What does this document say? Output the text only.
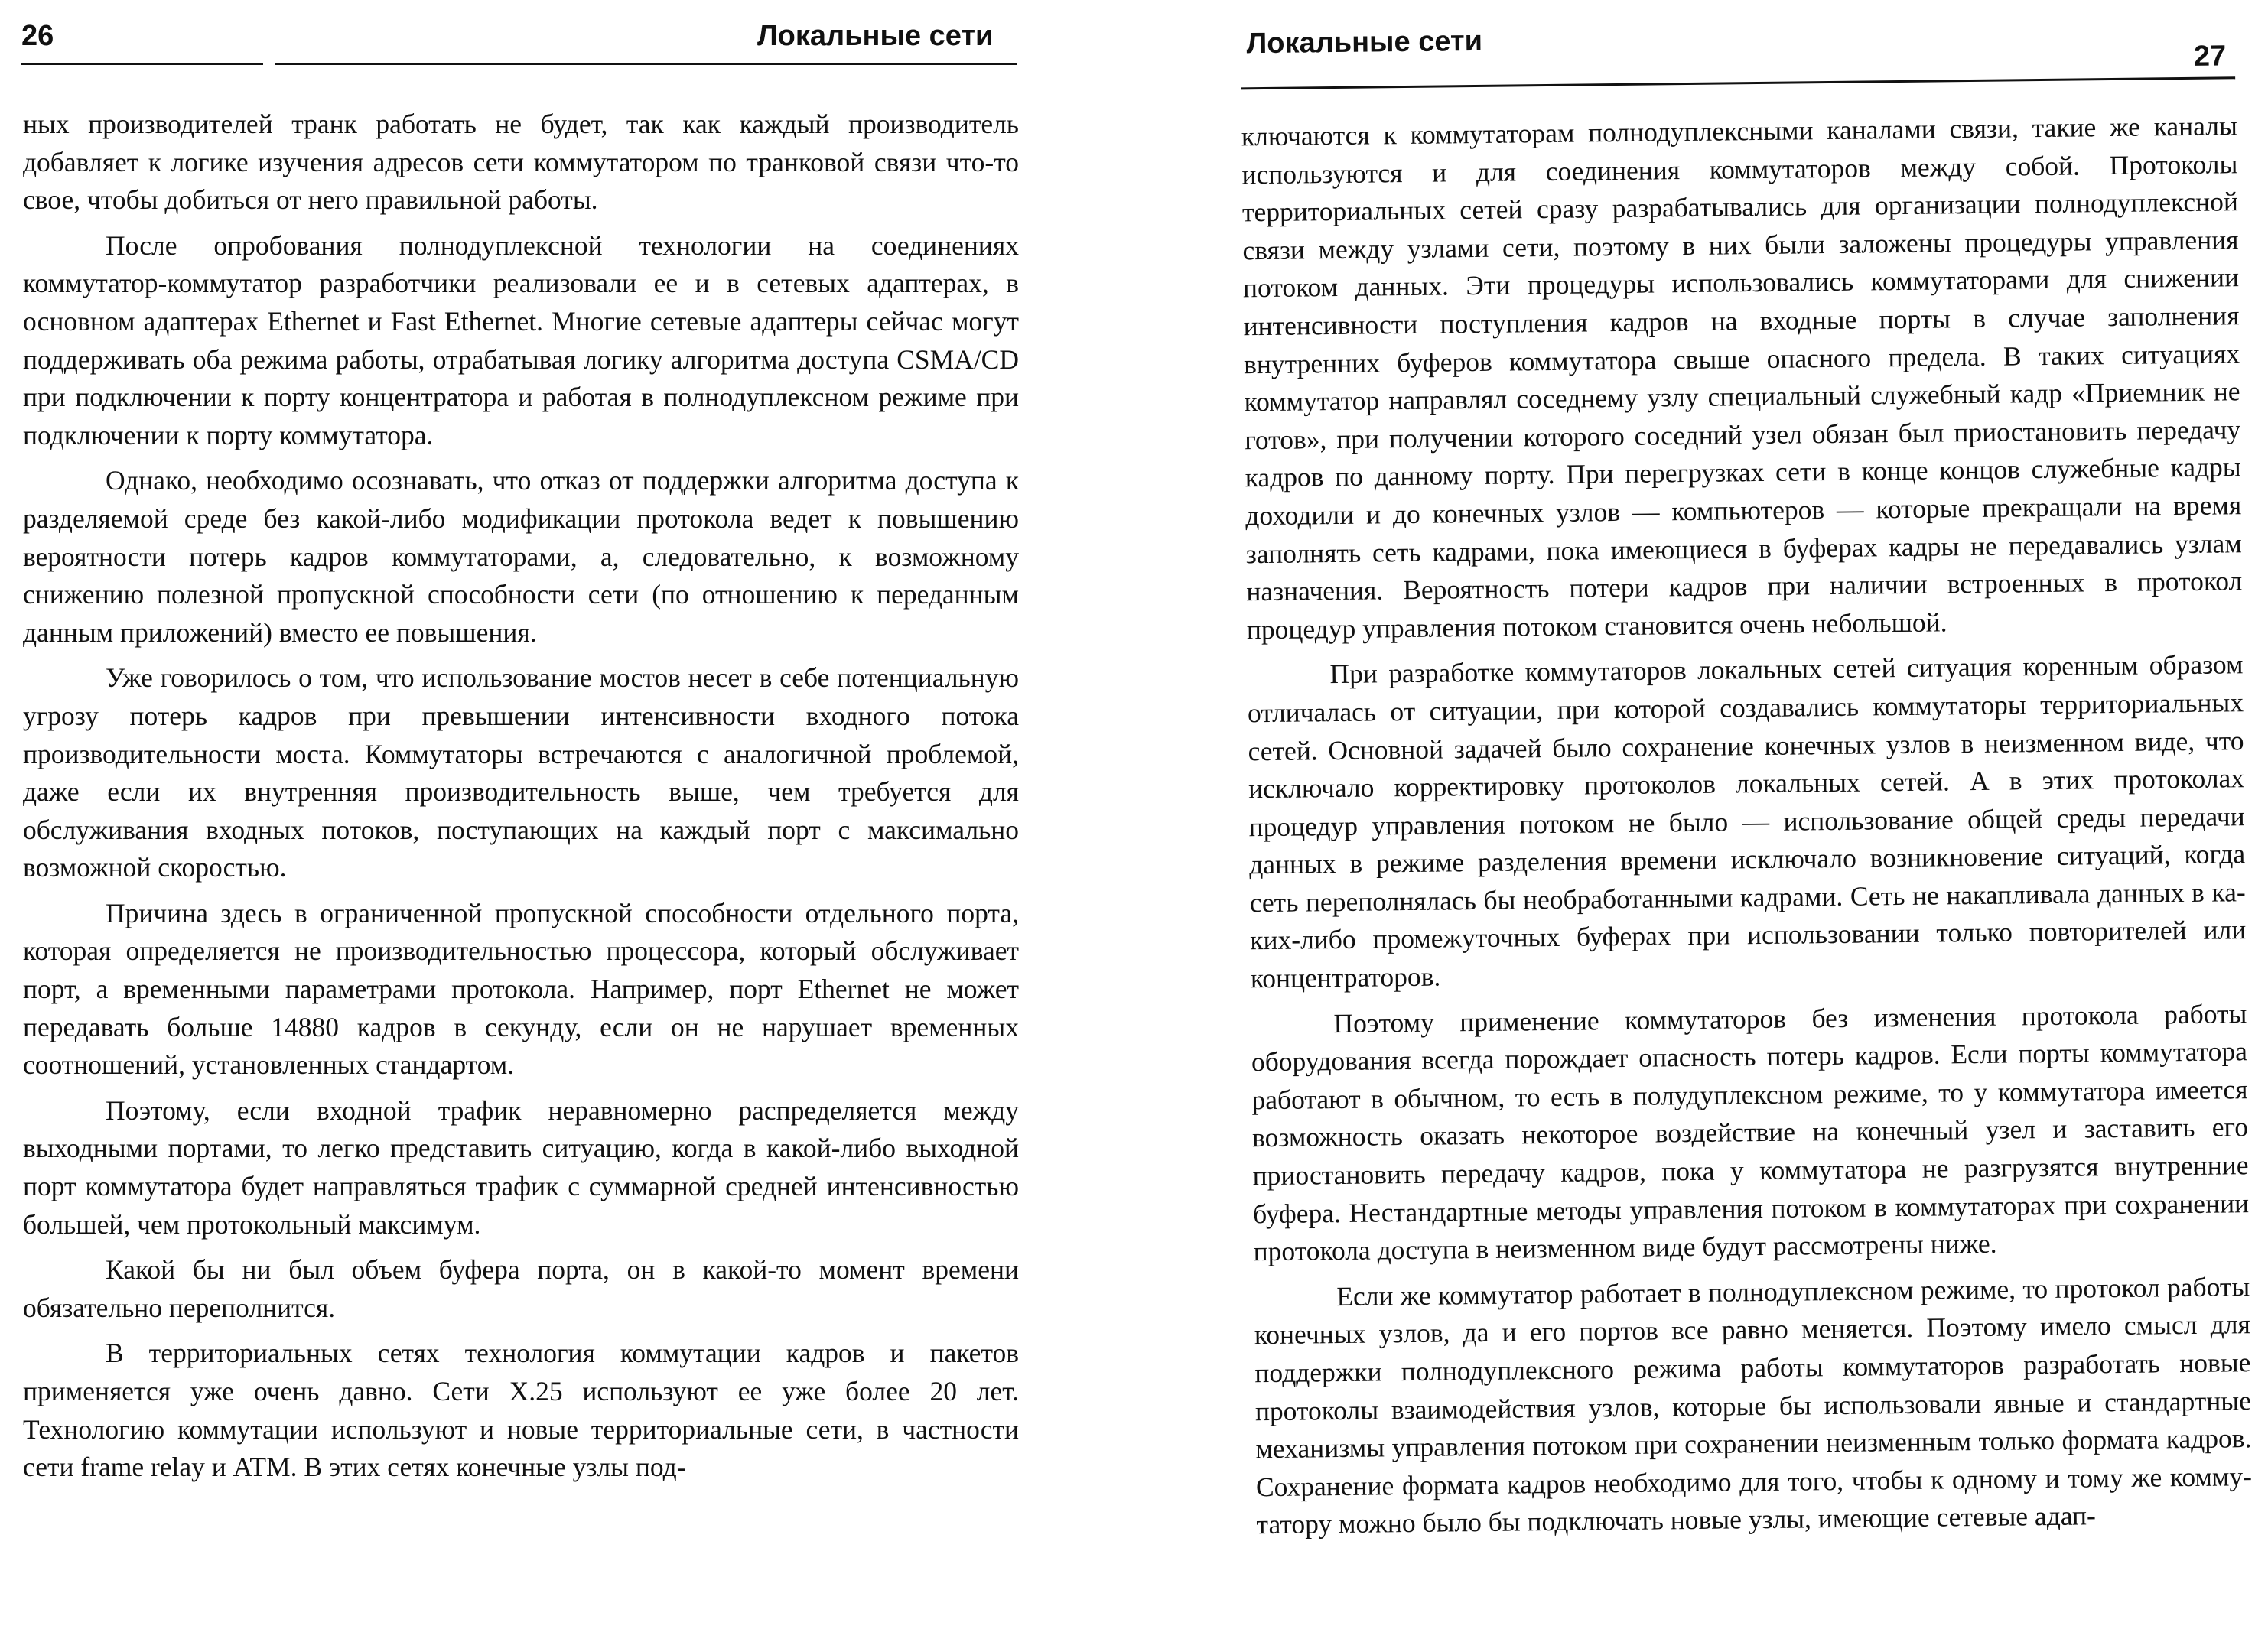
26	Локальные сети

ных производителей транк работать не будет, так как каждый производитель добавляет к логике изучения адресов сети коммутатором по транковой связи что-то свое, чтобы добиться от него правильной работы.

После опробования полнодуплексной технологии на соединениях коммутатор-коммутатор разработчики реализовали ее и в сетевых адаптерах, в основном адаптерах Ethernet и Fast Ethernet. Многие сетевые адаптеры сейчас могут поддерживать оба режима работы, отрабатывая логику алгоритма доступа CSMA/CD при подключении к порту концентратора и работая в полнодуплексном режиме при подключении к порту коммутатора.

Однако, необходимо осознавать, что отказ от поддержки алгоритма доступа к разделяемой среде без какой-либо модификации протокола ведет к повышению вероятности потерь кадров коммутаторами, а, следовательно, к возможному снижению полезной пропускной способности сети (по отношению к переданным данным приложений) вместо ее повышения.

Уже говорилось о том, что использование мостов несет в себе потенциальную угрозу потерь кадров при превышении интенсивности входного потока производительности моста. Коммутаторы встречаются с аналогичной проблемой, даже если их внутренняя производительность выше, чем требуется для обслуживания входных потоков, поступающих на каждый порт с максимально возможной скоростью.

Причина здесь в ограниченной пропускной способности отдельного порта, которая определяется не производительностью процессора, который обслуживает порт, а временными параметрами протокола. Например, порт Ethernet не может передавать больше 14880 кадров в секунду, если он не нарушает временных соотношений, установленных стандартом.

Поэтому, если входной трафик неравномерно распределяется между выходными портами, то легко представить ситуацию, когда в какой-либо выходной порт коммутатора будет направляться трафик с суммарной средней интенсивностью большей, чем протокольный максимум.

Какой бы ни был объем буфера порта, он в какой-то момент времени обязательно переполнится.

В территориальных сетях технология коммутации кадров и пакетов применяется уже очень давно. Сети X.25 используют ее уже более 20 лет. Технологию коммутации используют и новые территориальные сети, в частности сети frame relay и ATM. В этих сетях конечные узлы под-

Локальные сети	27

ключаются к коммутаторам полнодуплексными каналами связи, такие же каналы используются и для соединения коммутаторов между собой. Протоколы территориальных сетей сразу разрабатывались для организации полнодуплексной связи между узлами сети, поэтому в них были заложены процедуры управления потоком данных. Эти процедуры использовались коммутаторами для снижении интенсивности поступления кадров на входные порты в случае заполнения внутренних буферов коммутатора свыше опасного предела. В таких ситуациях коммутатор направлял соседнему узлу специальный служебный кадр «Приемник не готов», при получении которого соседний узел обязан был приостановить передачу кадров по данному порту. При перегрузках сети в конце концов служебные кадры доходили и до конечных узлов — компьютеров — которые прекращали на время заполнять сеть кадрами, пока имеющиеся в буферах кадры не передавались узлам назначения. Вероятность потери кадров при наличии встроенных в протокол процедур управления потоком становится очень небольшой.

При разработке коммутаторов локальных сетей ситуация коренным образом отличалась от ситуации, при которой создавались коммутаторы территориальных сетей. Основной задачей было сохранение конечных узлов в неизменном виде, что исключало корректировку протоколов локальных сетей. А в этих протоколах процедур управления потоком не было — использование общей среды передачи данных в режиме разделения времени исключало возникновение ситуаций, когда сеть переполнялась бы необработанными кадрами. Сеть не накапливала данных в каких-либо промежуточных буферах при использовании только повторителей или концентраторов.

Поэтому применение коммутаторов без изменения протокола работы оборудования всегда порождает опасность потерь кадров. Если порты коммутатора работают в обычном, то есть в полудуплексном режиме, то у коммутатора имеется возможность оказать некоторое воздействие на конечный узел и заставить его приостановить передачу кадров, пока у коммутатора не разгрузятся внутренние буфера. Нестандартные методы управления потоком в коммутаторах при сохранении протокола доступа в неизменном виде будут рассмотрены ниже.

Если же коммутатор работает в полнодуплексном режиме, то протокол работы конечных узлов, да и его портов все равно меняется. Поэтому имело смысл для поддержки полнодуплексного режима работы коммутаторов разработать новые протоколы взаимодействия узлов, которые бы использовали явные и стандартные механизмы управления потоком при сохранении неизменным только формата кадров. Сохранение формата кадров необходимо для того, чтобы к одному и тому же коммутатору можно было бы подключать новые узлы, имеющие сетевые адап-
